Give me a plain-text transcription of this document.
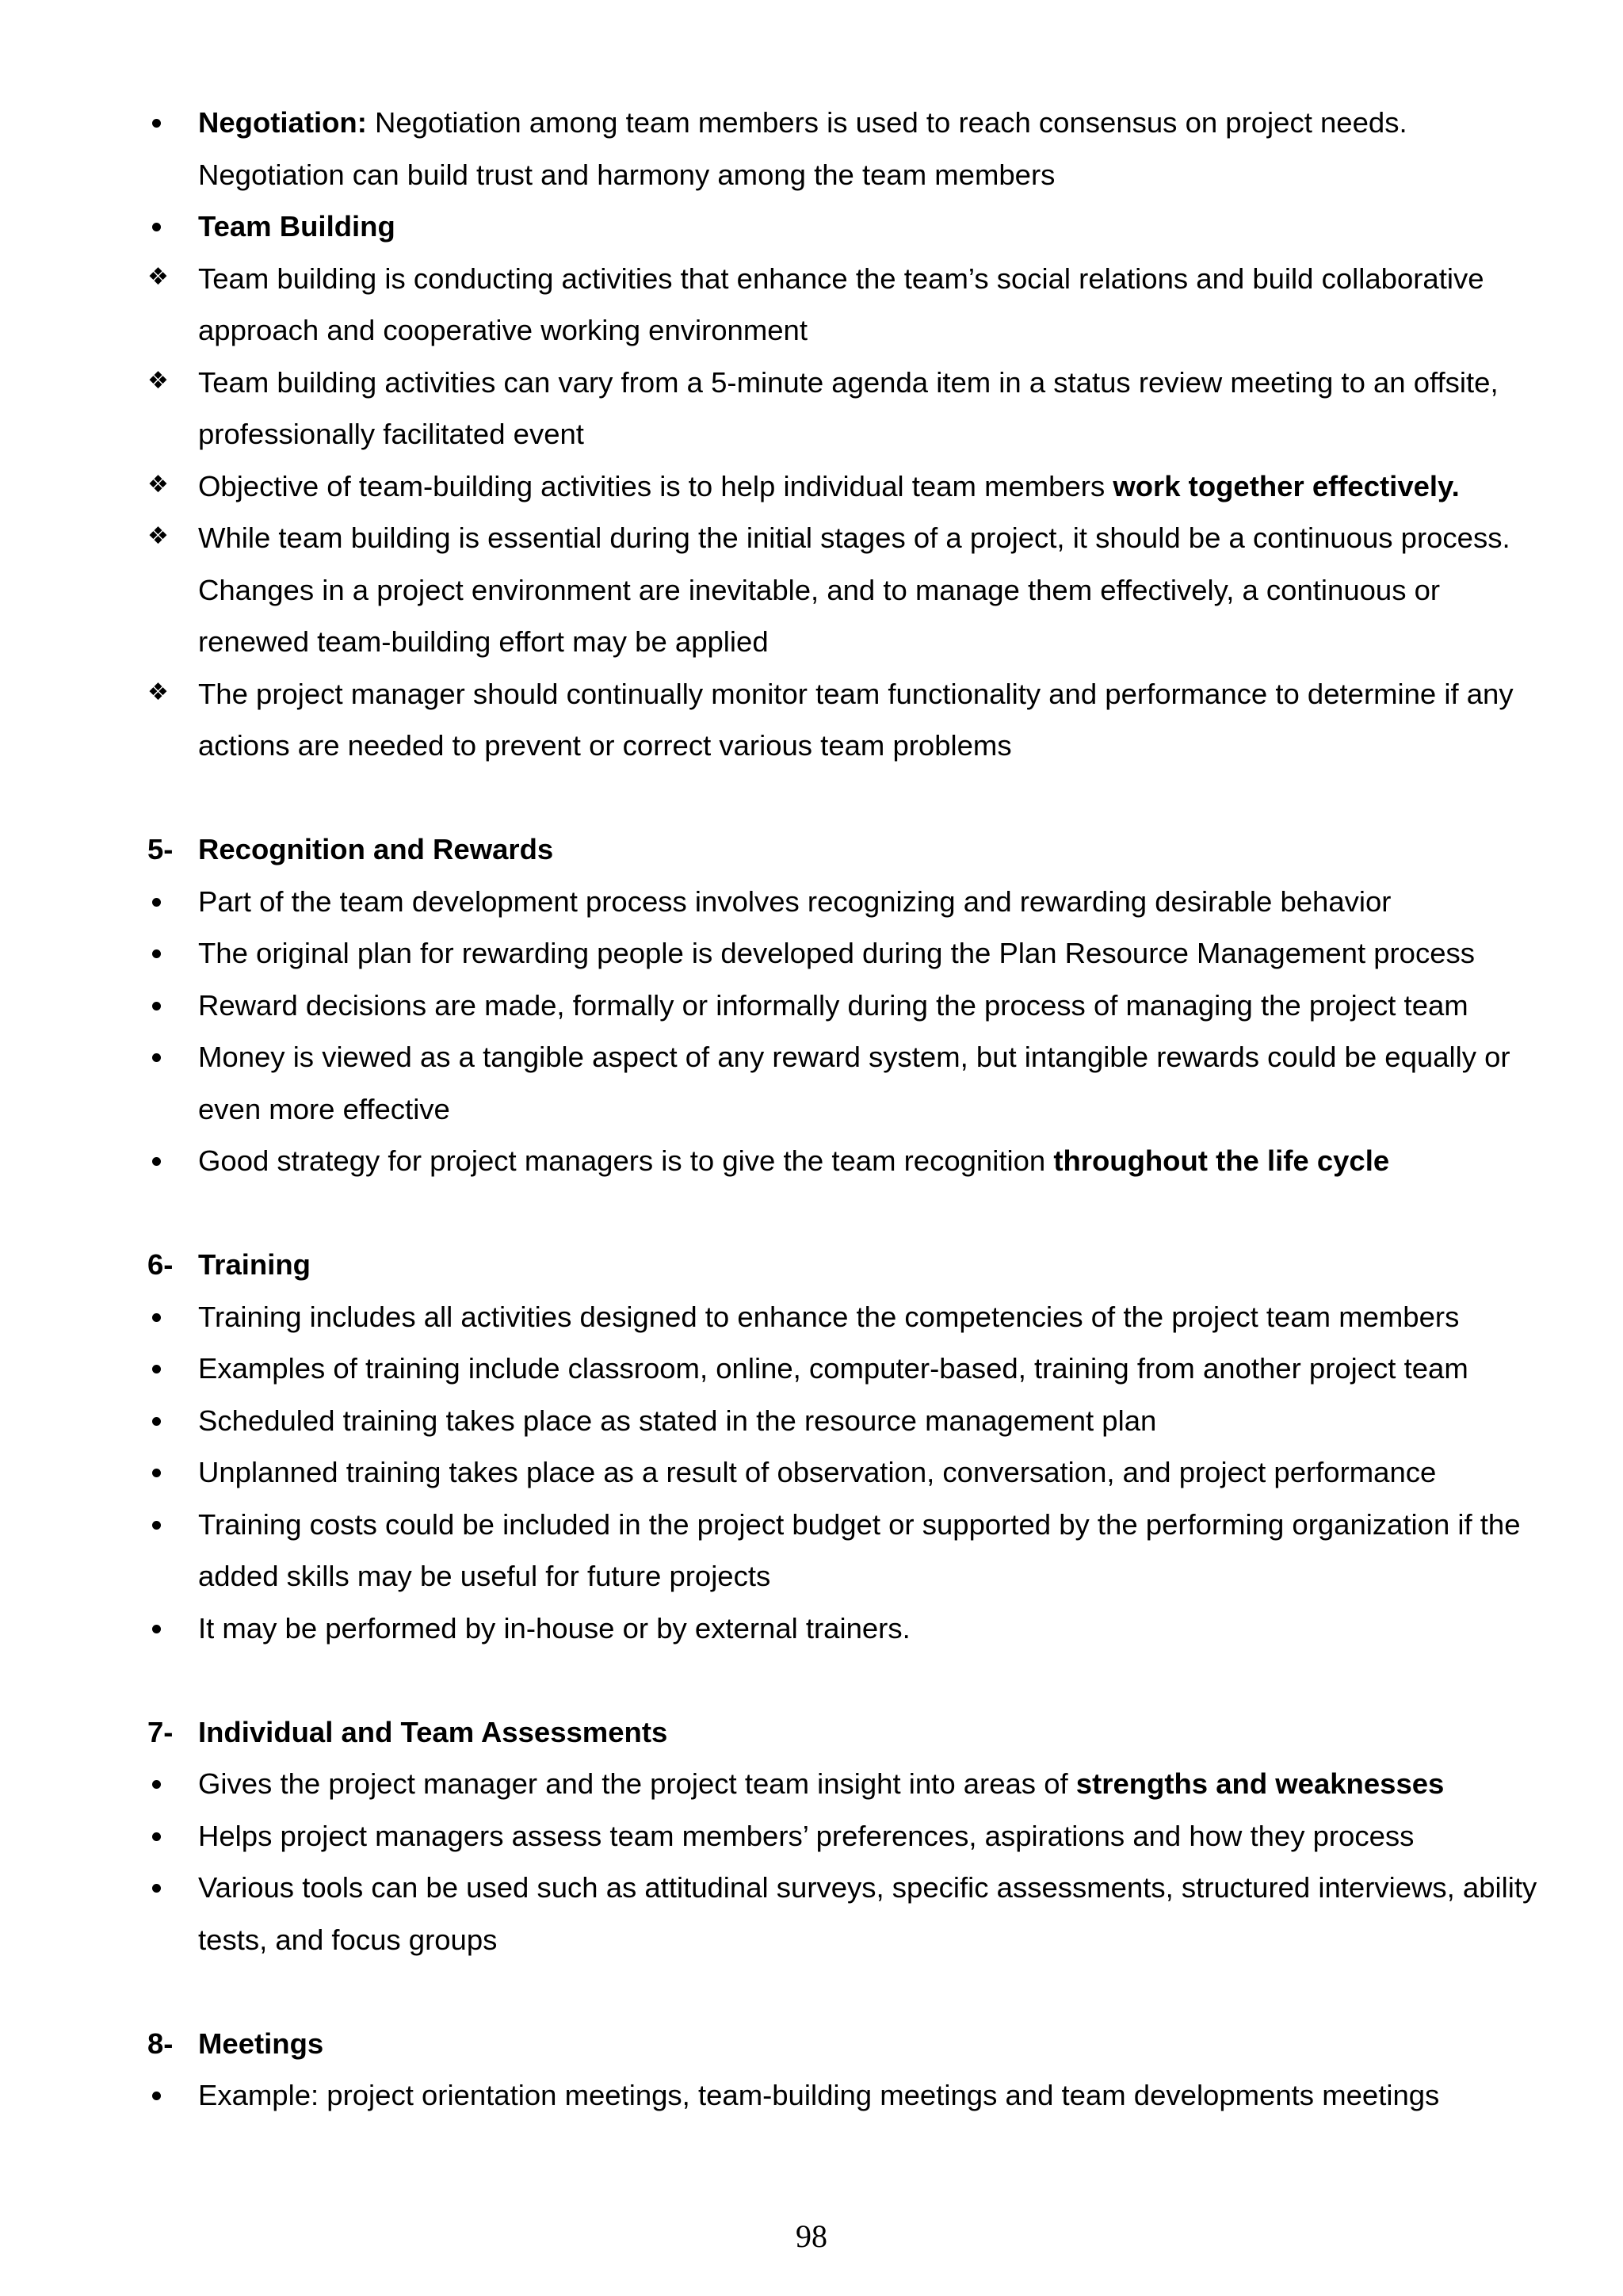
Negotiation: Negotiation among team members is used to reach consensus on project needs. Negotiation can build trust and harmony among the team members
Team Building
❖	Team building is conducting activities that enhance the team’s social relations and build collaborative approach and cooperative working environment
❖	Team building activities can vary from a 5-minute agenda item in a status review meeting to an offsite, professionally facilitated event
❖	Objective of team-building activities is to help individual team members work together effectively.
❖	While team building is essential during the initial stages of a project, it should be a continuous process. Changes in a project environment are inevitable, and to manage them effectively, a continuous or renewed team-building effort may be applied
❖	The project manager should continually monitor team functionality and performance to determine if any actions are needed to prevent or correct various team problems
5- Recognition and Rewards
Part of the team development process involves recognizing and rewarding desirable behavior
The original plan for rewarding people is developed during the Plan Resource Management process
Reward decisions are made, formally or informally during the process of managing the project team
Money is viewed as a tangible aspect of any reward system, but intangible rewards could be equally or even more effective
Good strategy for project managers is to give the team recognition throughout the life cycle
6- Training
Training includes all activities designed to enhance the competencies of the project team members
Examples of training include classroom, online, computer-based, training from another project team
Scheduled training takes place as stated in the resource management plan
Unplanned training takes place as a result of observation, conversation, and project performance
Training costs could be included in the project budget or supported by the performing organization if the added skills may be useful for future projects
It may be performed by in-house or by external trainers.
7- Individual and Team Assessments
Gives the project manager and the project team insight into areas of strengths and weaknesses
Helps project managers assess team members’ preferences, aspirations and how they process
Various tools can be used such as attitudinal surveys, specific assessments, structured interviews, ability tests, and focus groups
8- Meetings
Example: project orientation meetings, team-building meetings and team developments meetings
98
